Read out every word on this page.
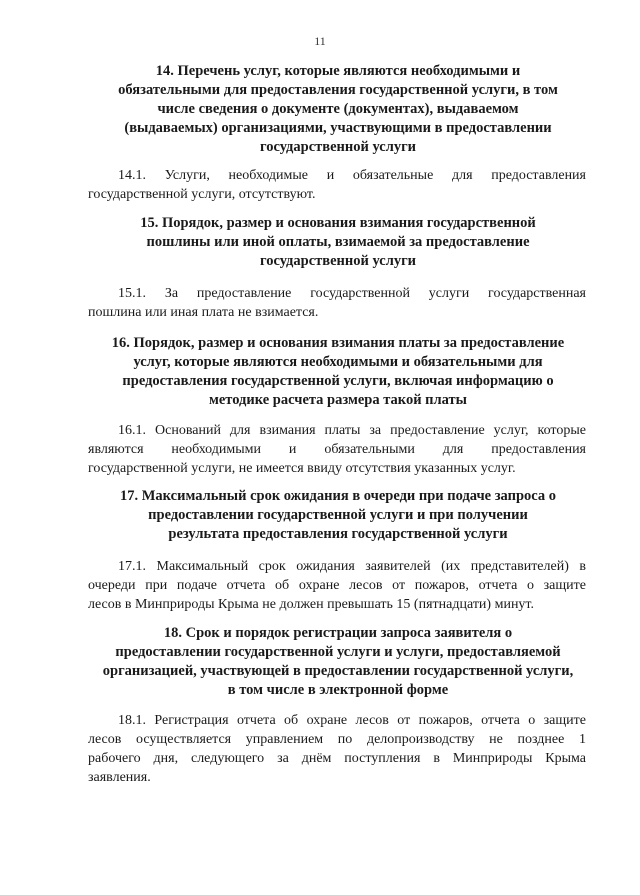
11
14. Перечень услуг, которые являются необходимыми и
обязательными для предоставления государственной услуги, в том
числе сведения о документе (документах), выдаваемом
(выдаваемых) организациями, участвующими в предоставлении
государственной услуги
14.1. Услуги, необходимые и обязательные для предоставления
государственной услуги, отсутствуют.
15. Порядок, размер и основания взимания государственной
пошлины или иной оплаты, взимаемой за предоставление
государственной услуги
15.1. За предоставление государственной услуги государственная
пошлина или иная плата не взимается.
16. Порядок, размер и основания взимания платы за предоставление
услуг, которые являются необходимыми и обязательными для
предоставления государственной услуги, включая информацию о
методике расчета размера такой платы
16.1. Оснований для взимания платы за предоставление услуг, которые
являются необходимыми и обязательными для предоставления
государственной услуги, не имеется ввиду отсутствия указанных услуг.
17. Максимальный срок ожидания в очереди при подаче запроса о
предоставлении государственной услуги и при получении
результата предоставления государственной услуги
17.1. Максимальный срок ожидания заявителей (их представителей) в
очереди при подаче отчета об охране лесов от пожаров, отчета о защите
лесов в Минприроды Крыма не должен превышать 15 (пятнадцати) минут.
18. Срок и порядок регистрации запроса заявителя о
предоставлении государственной услуги и услуги, предоставляемой
организацией, участвующей в предоставлении государственной услуги,
в том числе в электронной форме
18.1. Регистрация отчета об охране лесов от пожаров, отчета о защите
лесов осуществляется управлением по делопроизводству не позднее 1
рабочего дня, следующего за днём поступления в Минприроды Крыма
заявления.
